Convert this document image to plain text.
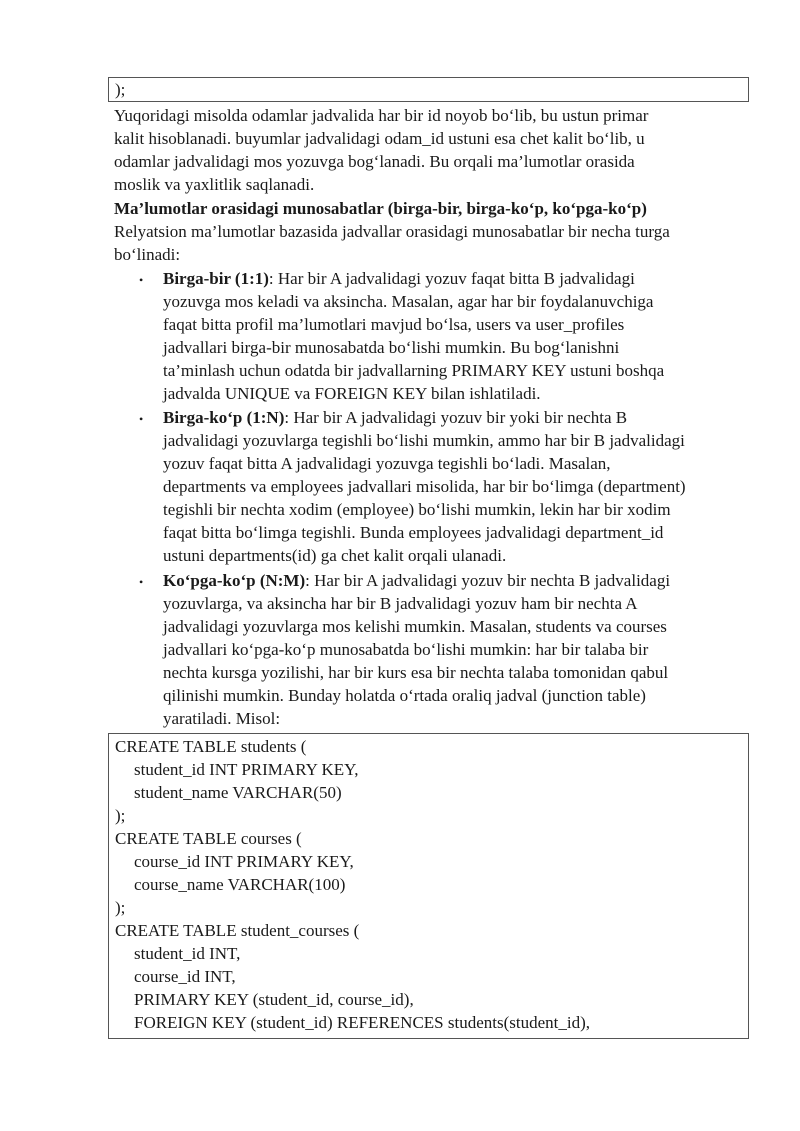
);
Yuqoridagi misolda odamlar jadvalida har bir id noyob bo‘lib, bu ustun primar
kalit hisoblanadi. buyumlar jadvalidagi odam_id ustuni esa chet kalit bo‘lib, u
odamlar jadvalidagi mos yozuvga bog‘lanadi. Bu orqali ma’lumotlar orasida
moslik va yaxlitlik saqlanadi.
Ma’lumotlar orasidagi munosabatlar (birga-bir, birga-ko‘p, ko‘pga-ko‘p)
Relyatsion ma’lumotlar bazasida jadvallar orasidagi munosabatlar bir necha turga
bo‘linadi:
• Birga-bir (1:1): Har bir A jadvalidagi yozuv faqat bitta B jadvalidagi
yozuvga mos keladi va aksincha. Masalan, agar har bir foydalanuvchiga
faqat bitta profil ma’lumotlari mavjud bo‘lsa, users va user_profiles
jadvallari birga-bir munosabatda bo‘lishi mumkin. Bu bog‘lanishni
ta’minlash uchun odatda bir jadvallarning PRIMARY KEY ustuni boshqa
jadvalda UNIQUE va FOREIGN KEY bilan ishlatiladi.
• Birga-ko‘p (1:N): Har bir A jadvalidagi yozuv bir yoki bir nechta B
jadvalidagi yozuvlarga tegishli bo‘lishi mumkin, ammo har bir B jadvalidagi
yozuv faqat bitta A jadvalidagi yozuvga tegishli bo‘ladi. Masalan,
departments va employees jadvallari misolida, har bir bo‘limga (department)
tegishli bir nechta xodim (employee) bo‘lishi mumkin, lekin har bir xodim
faqat bitta bo‘limga tegishli. Bunda employees jadvalidagi department_id
ustuni departments(id) ga chet kalit orqali ulanadi.
• Ko‘pga-ko‘p (N:M): Har bir A jadvalidagi yozuv bir nechta B jadvalidagi
yozuvlarga, va aksincha har bir B jadvalidagi yozuv ham bir nechta A
jadvalidagi yozuvlarga mos kelishi mumkin. Masalan, students va courses
jadvallari ko‘pga-ko‘p munosabatda bo‘lishi mumkin: har bir talaba bir
nechta kursga yozilishi, har bir kurs esa bir nechta talaba tomonidan qabul
qilinishi mumkin. Bunday holatda o‘rtada oraliq jadval (junction table)
yaratiladi. Misol:
CREATE TABLE students (
student_id INT PRIMARY KEY,
student_name VARCHAR(50)
);
CREATE TABLE courses (
course_id INT PRIMARY KEY,
course_name VARCHAR(100)
);
CREATE TABLE student_courses (
student_id INT,
course_id INT,
PRIMARY KEY (student_id, course_id),
FOREIGN KEY (student_id) REFERENCES students(student_id),
